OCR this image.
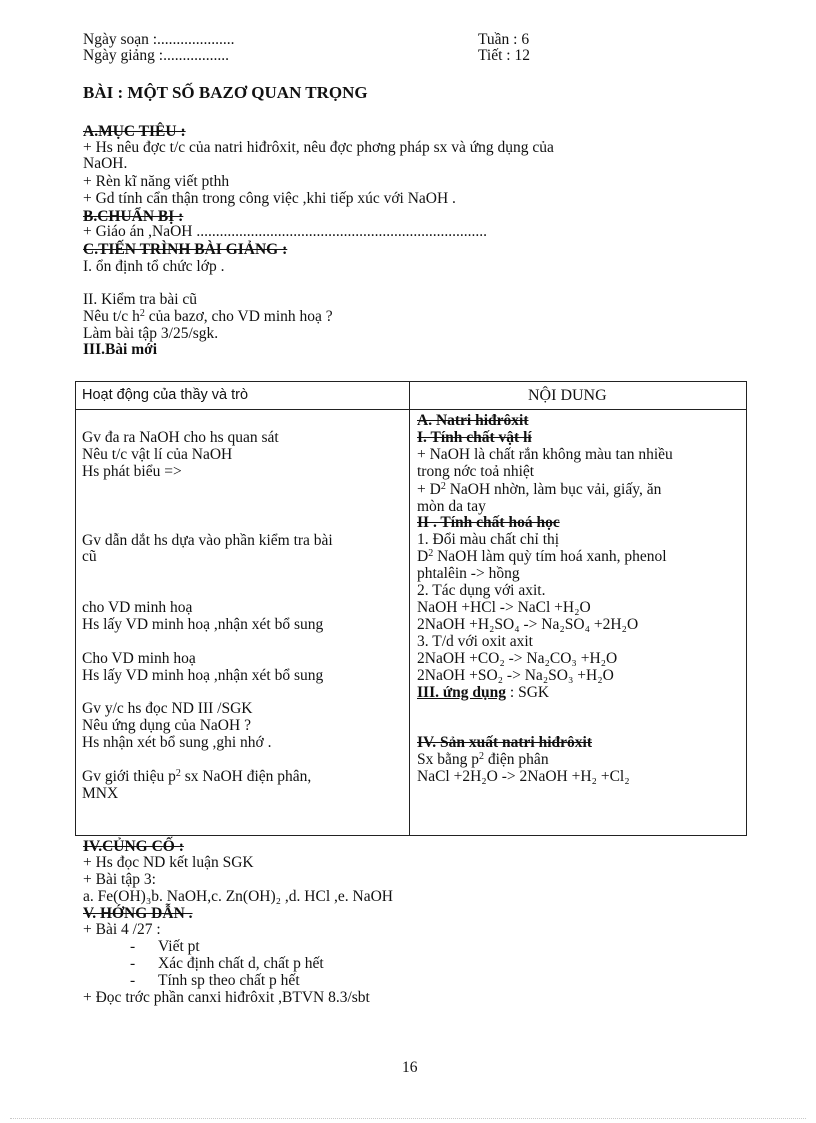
Ngày soạn :....................
Ngày giảng :.................
Tuần : 6
Tiết : 12
BÀI : MỘT SỐ BAZƠ QUAN TRỌNG
A.MỤC TIÊU :
+ Hs nêu đợc t/c của natri hiđrôxit, nêu đợc phơng pháp sx và ứng dụng của
NaOH.
+ Rèn kĩ năng viết pthh
+ Gd tính cẩn thận trong công việc ,khi tiếp xúc với NaOH .
B.CHUẨN BỊ :
+ Giáo án ,NaOH ...........................................................................
C.TIẾN TRÌNH BÀI GIẢNG :
I. ổn định tổ chức lớp .
II. Kiểm tra bài cũ
Nêu t/c $h^2$ của bazơ, cho VD minh hoạ ?
Làm bài tập 3/25/sgk.
III.Bài mới
Hoạt động của thầy và trò	NỘI DUNG
Gv đa ra NaOH cho hs quan sát
Nêu t/c vật lí của NaOH
Hs phát biểu =>
Gv dẫn dắt hs dựa vào phần kiểm tra bài
cũ
cho VD minh hoạ
Hs lấy VD minh hoạ ,nhận xét bổ sung
Cho VD minh hoạ
Hs lấy VD minh hoạ ,nhận xét bổ sung
Gv y/c hs đọc ND III /SGK
Nêu ứng dụng của NaOH ?
Hs nhận xét bổ sung ,ghi nhớ .
Gv giới thiệu $p^2$ sx NaOH điện phân,
MNX
A. Natri hiđrôxit
I. Tính chất vật lí
+ NaOH là chất rắn không màu tan nhiều
trong nớc toả nhiệt
+ $D^2$ NaOH nhờn, làm bục vải, giấy, ăn
mòn da tay
II . Tính chất hoá học
1. Đổi màu chất chỉ thị
$D^2$ NaOH làm quỳ tím hoá xanh, phenol
phtalêin -> hồng
2. Tác dụng với axit.
NaOH +HCl -> NaCl +H₂O
2NaOH +H₂SO₄ -> Na₂SO₄ +2H₂O
3. T/d với oxit axit
2NaOH +CO₂ -> Na₂CO₃ +H₂O
2NaOH +SO₂ -> Na₂SO₃ +H₂O
III. ứng dụng : SGK
IV. Sản xuất natri hiđrôxit
Sx bằng $p^2$ điện phân
NaCl +2H₂O -> 2NaOH +H₂ +Cl₂
IV.CỦNG CỐ :
+ Hs đọc ND kết luận SGK
+ Bài tập 3:
a. Fe(OH)₃b. NaOH,c. Zn(OH)₂ ,d. HCl ,e. NaOH
V. HỚNG DẪN .
+ Bài 4 /27 :
- Viết pt
- Xác định chất d, chất p hết
- Tính sp theo chất p hết
+ Đọc trớc phần canxi hiđrôxit ,BTVN 8.3/sbt
16
